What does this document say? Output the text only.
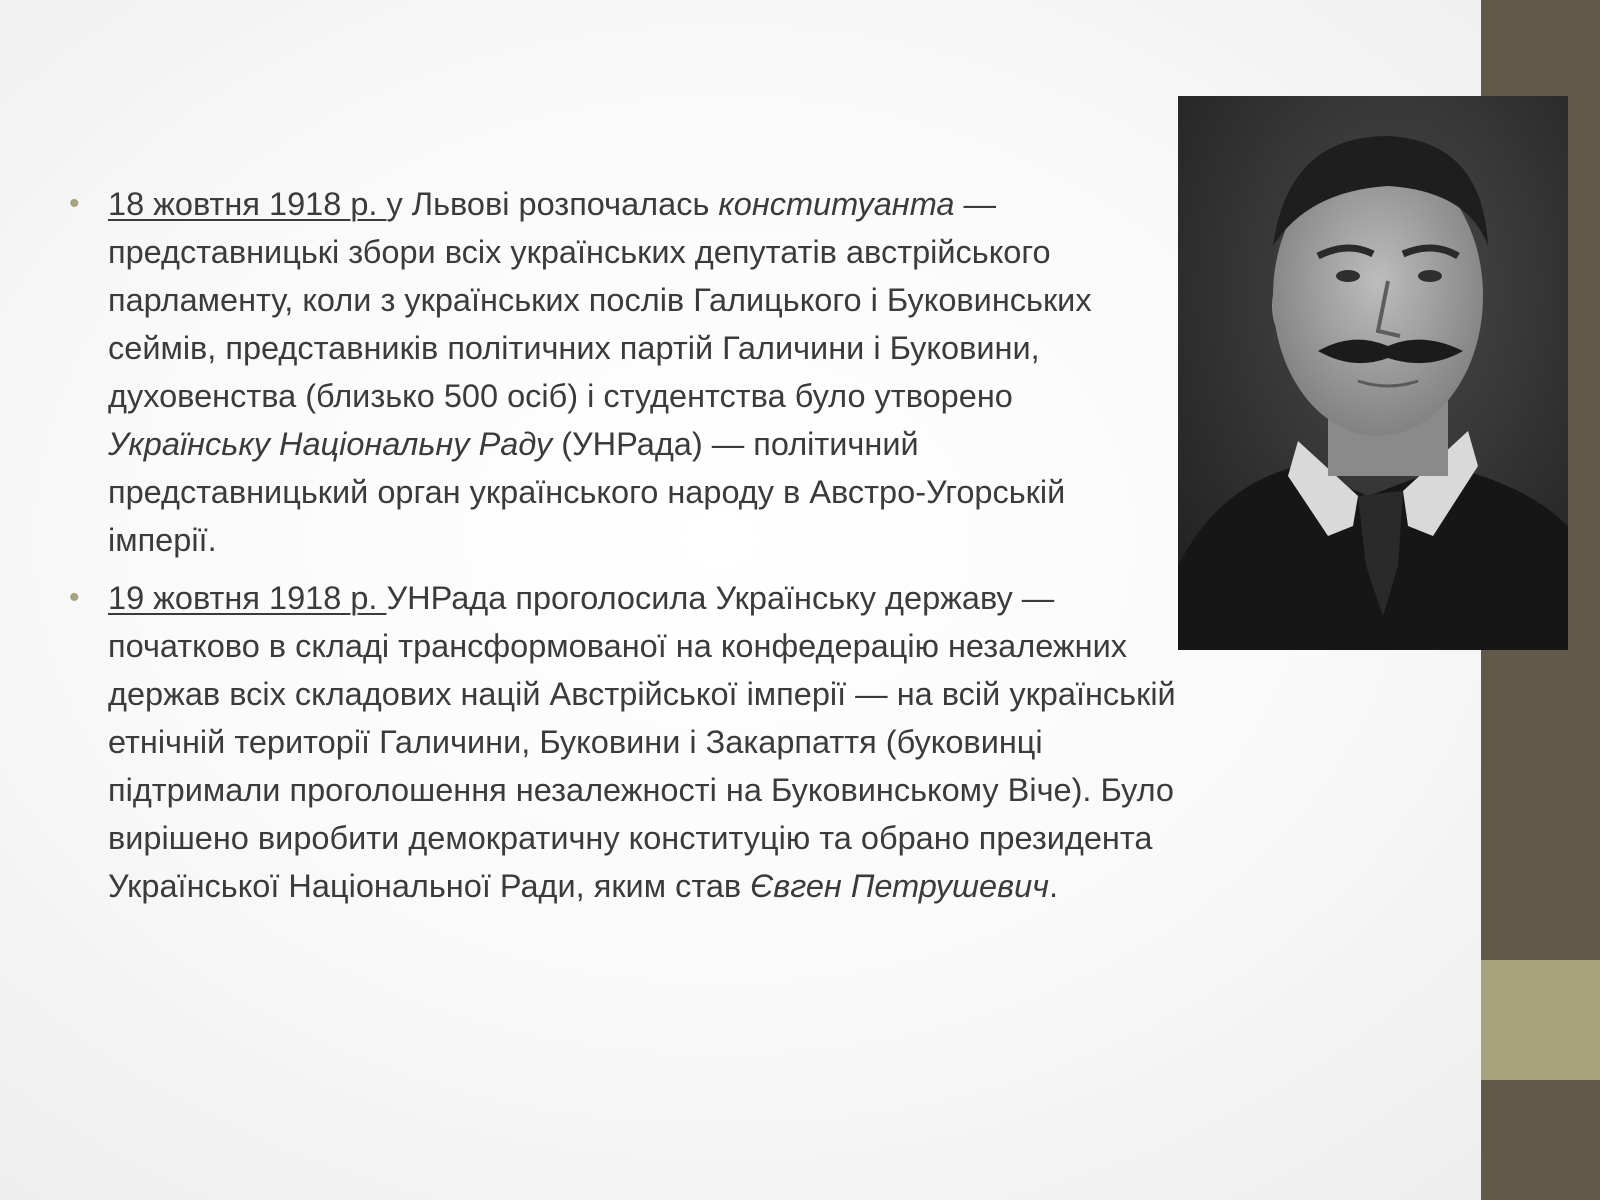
• 18 жовтня 1918 р. у Львові розпочалась конституанта — представницькі збори всіх українських депутатів австрійського парламенту, коли з українських послів Галицького і Буковинських сеймів, представників політичних партій Галичини і Буковини, духовенства (близько 500 осіб) і студентства було утворено Українську Національну Раду (УНРада) — політичний представницький орган українського народу в Австро-Угорській імперії.
• 19 жовтня 1918 р. УНРада проголосила Українську державу — початково в складі трансформованої на конфедерацію незалежних держав всіх складових націй Австрійської імперії — на всій українській етнічній території Галичини, Буковини і Закарпаття (буковинці підтримали проголошення незалежності на Буковинському Віче). Було вирішено виробити демократичну конституцію та обрано президента Української Національної Ради, яким став Євген Петрушевич.
